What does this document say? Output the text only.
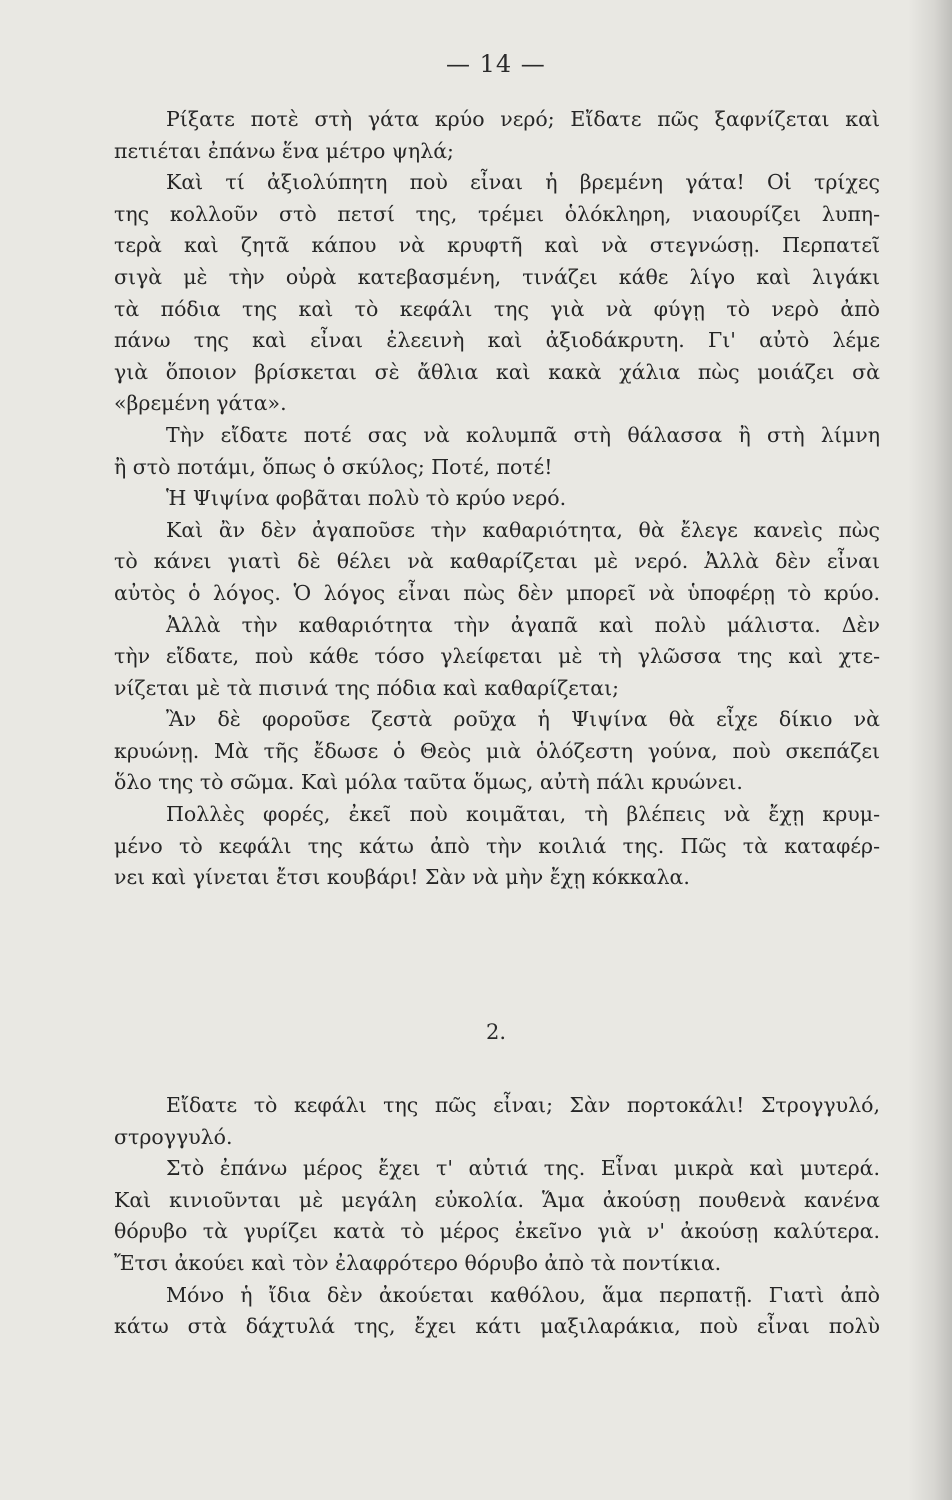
— 14 —
Ρίξατε ποτὲ στὴ γάτα κρύο νερό; Εἴδατε πῶς ξαφνίζεται καὶ
πετιέται ἐπάνω ἕνα μέτρο ψηλά;
Καὶ τί ἀξιολύπητη ποὺ εἶναι ἡ βρεμένη γάτα! Οἱ τρίχες
της κολλοῦν στὸ πετσί της, τρέμει ὁλόκληρη, νιαουρίζει λυπη-
τερὰ καὶ ζητᾶ κάπου νὰ κρυφτῆ καὶ νὰ στεγνώσῃ. Περπατεῖ
σιγὰ μὲ τὴν οὐρὰ κατεβασμένη, τινάζει κάθε λίγο καὶ λιγάκι
τὰ πόδια της καὶ τὸ κεφάλι της γιὰ νὰ φύγῃ τὸ νερὸ ἀπὸ
πάνω της καὶ εἶναι ἐλεεινὴ καὶ ἀξιοδάκρυτη. Γι' αὐτὸ λέμε
γιὰ ὅποιον βρίσκεται σὲ ἄθλια καὶ κακὰ χάλια πὼς μοιάζει σὰ
«βρεμένη γάτα».
Τὴν εἴδατε ποτέ σας νὰ κολυμπᾶ στὴ θάλασσα ἢ στὴ λίμνη
ἢ στὸ ποτάμι, ὅπως ὁ σκύλος; Ποτέ, ποτέ!
Ἡ Ψιψίνα φοβᾶται πολὺ τὸ κρύο νερό.
Καὶ ἂν δὲν ἀγαποῦσε τὴν καθαριότητα, θὰ ἔλεγε κανεὶς πὼς
τὸ κάνει γιατὶ δὲ θέλει νὰ καθαρίζεται μὲ νερό. Ἀλλὰ δὲν εἶναι
αὐτὸς ὁ λόγος. Ὁ λόγος εἶναι πὼς δὲν μπορεῖ νὰ ὑποφέρῃ τὸ κρύο.
Ἀλλὰ τὴν καθαριότητα τὴν ἀγαπᾶ καὶ πολὺ μάλιστα. Δὲν
τὴν εἴδατε, ποὺ κάθε τόσο γλείφεται μὲ τὴ γλῶσσα της καὶ χτε-
νίζεται μὲ τὰ πισινά της πόδια καὶ καθαρίζεται;
Ἂν δὲ φοροῦσε ζεστὰ ροῦχα ἡ Ψιψίνα θὰ εἶχε δίκιο νὰ
κρυώνῃ. Μὰ τῆς ἔδωσε ὁ Θεὸς μιὰ ὁλόζεστη γούνα, ποὺ σκεπάζει
ὅλο της τὸ σῶμα. Καὶ μόλα ταῦτα ὅμως, αὐτὴ πάλι κρυώνει.
Πολλὲς φορές, ἐκεῖ ποὺ κοιμᾶται, τὴ βλέπεις νὰ ἔχῃ κρυμ-
μένο τὸ κεφάλι της κάτω ἀπὸ τὴν κοιλιά της. Πῶς τὰ καταφέρ-
νει καὶ γίνεται ἔτσι κουβάρι! Σὰν νὰ μὴν ἔχῃ κόκκαλα.
2.
Εἴδατε τὸ κεφάλι της πῶς εἶναι; Σὰν πορτοκάλι! Στρογγυλό,
στρογγυλό.
Στὸ ἐπάνω μέρος ἔχει τ' αὐτιά της. Εἶναι μικρὰ καὶ μυτερά.
Καὶ κινιοῦνται μὲ μεγάλη εὐκολία. Ἅμα ἀκούσῃ πουθενὰ κανένα
θόρυβο τὰ γυρίζει κατὰ τὸ μέρος ἐκεῖνο γιὰ ν' ἀκούσῃ καλύτερα.
Ἔτσι ἀκούει καὶ τὸν ἐλαφρότερο θόρυβο ἀπὸ τὰ ποντίκια.
Μόνο ἡ ἴδια δὲν ἀκούεται καθόλου, ἅμα περπατῇ. Γιατὶ ἀπὸ
κάτω στὰ δάχτυλά της, ἔχει κάτι μαξιλαράκια, ποὺ εἶναι πολὺ
